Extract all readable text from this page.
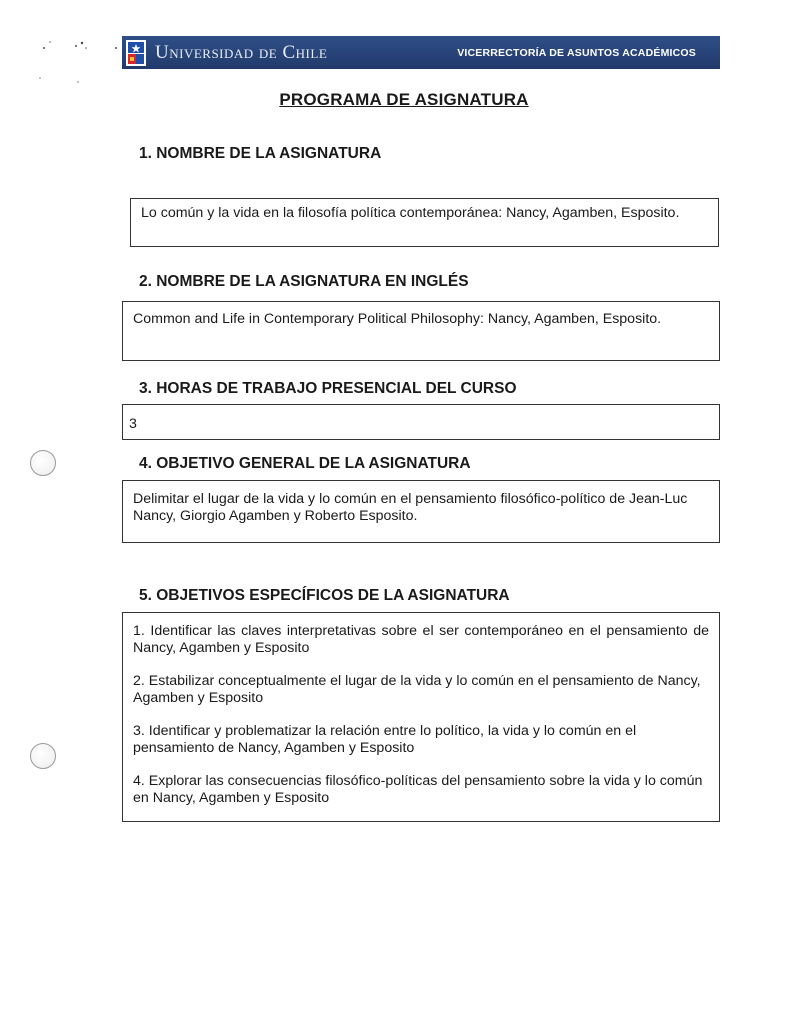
Universidad de Chile	VICERRECTORÍA DE ASUNTOS ACADÉMICOS
PROGRAMA DE ASIGNATURA
1. NOMBRE DE LA ASIGNATURA
Lo común y la vida en la filosofía política contemporánea: Nancy, Agamben, Esposito.
2. NOMBRE DE LA ASIGNATURA EN INGLÉS
Common and Life in Contemporary Political Philosophy: Nancy, Agamben, Esposito.
3. HORAS DE TRABAJO PRESENCIAL DEL CURSO
3
4. OBJETIVO GENERAL DE LA ASIGNATURA
Delimitar el lugar de la vida y lo común en el pensamiento filosófico-político de Jean-Luc Nancy, Giorgio Agamben y Roberto Esposito.
5. OBJETIVOS ESPECÍFICOS DE LA ASIGNATURA
1. Identificar las claves interpretativas sobre el ser contemporáneo en el pensamiento de Nancy, Agamben y Esposito
2. Estabilizar conceptualmente el lugar de la vida y lo común en el pensamiento de Nancy, Agamben y Esposito
3. Identificar y problematizar la relación entre lo político, la vida y lo común en el pensamiento de Nancy, Agamben y Esposito
4. Explorar las consecuencias filosófico-políticas del pensamiento sobre la vida y lo común en Nancy, Agamben y Esposito
